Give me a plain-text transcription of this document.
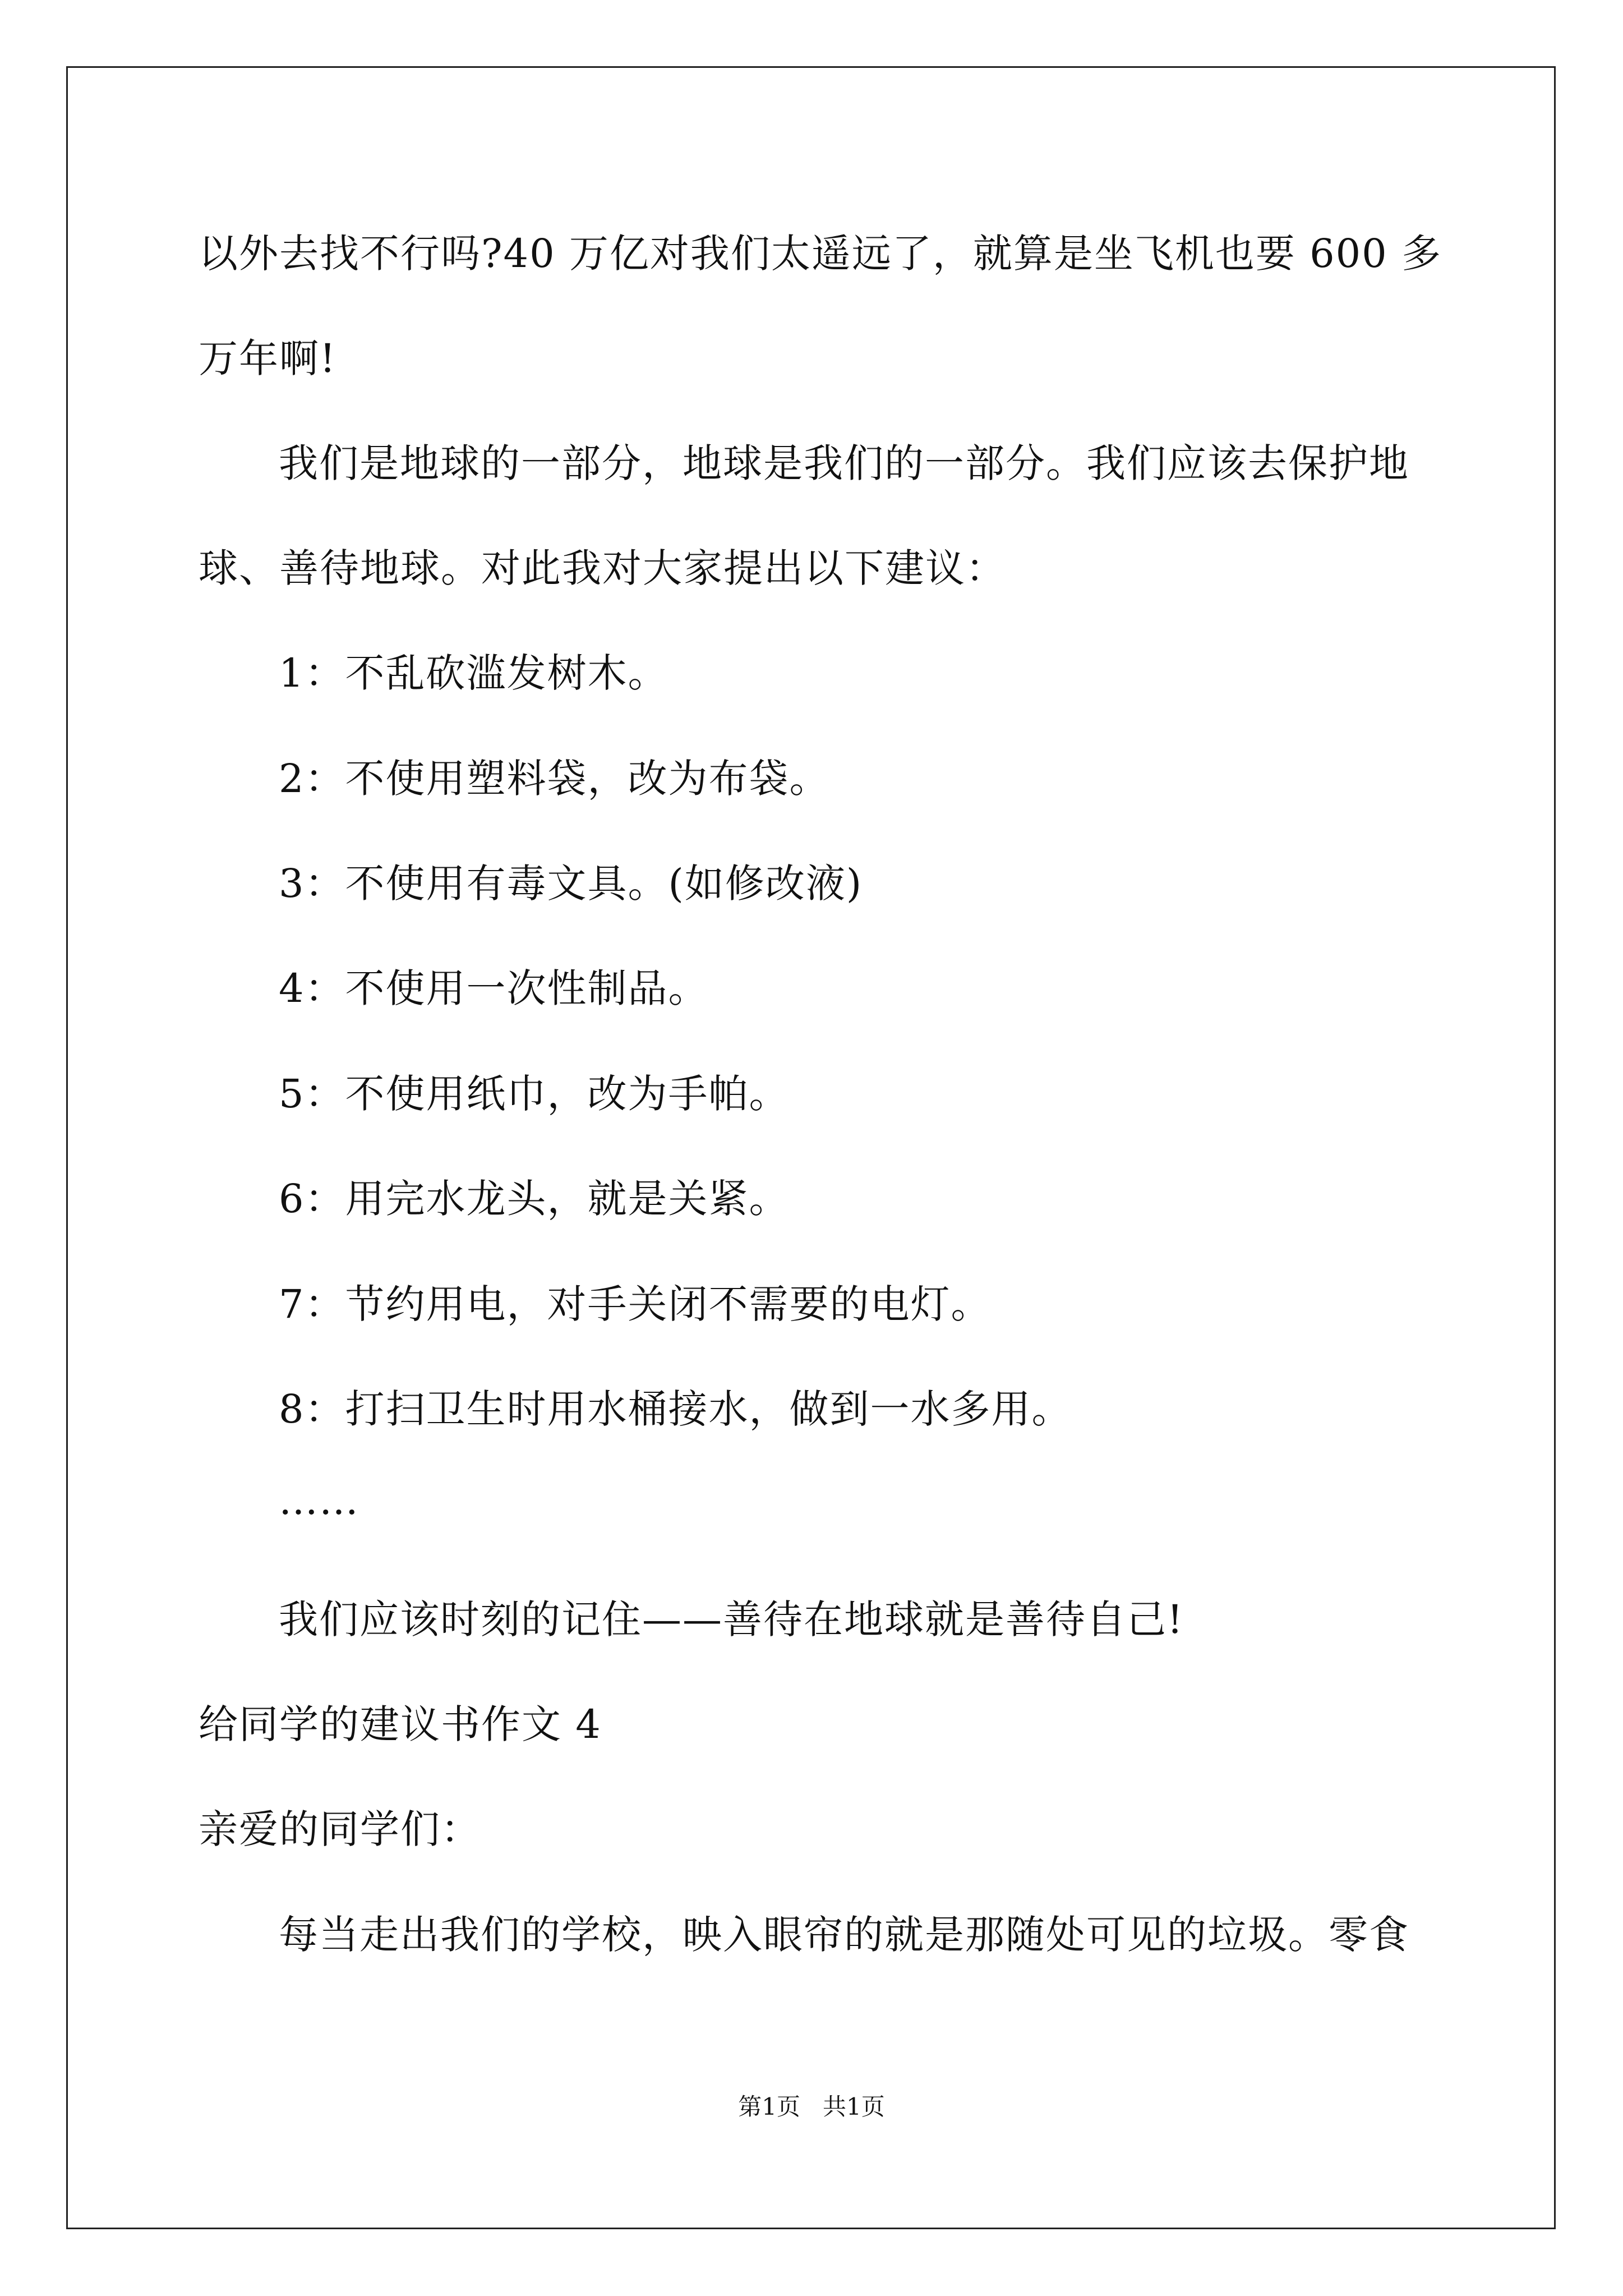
以外去找不行吗?40 万亿对我们太遥远了，就算是坐飞机也要 600 多
万年啊!
我们是地球的一部分，地球是我们的一部分。我们应该去保护地
球、善待地球。对此我对大家提出以下建议：
1：不乱砍滥发树木。
2：不使用塑料袋，改为布袋。
3：不使用有毒文具。(如修改液)
4：不使用一次性制品。
5：不使用纸巾，改为手帕。
6：用完水龙头，就是关紧。
7：节约用电，对手关闭不需要的电灯。
8：打扫卫生时用水桶接水，做到一水多用。
……
我们应该时刻的记住——善待在地球就是善待自己!
给同学的建议书作文 4
亲爱的同学们：
每当走出我们的学校，映入眼帘的就是那随处可见的垃圾。零食
第1页   共1页
